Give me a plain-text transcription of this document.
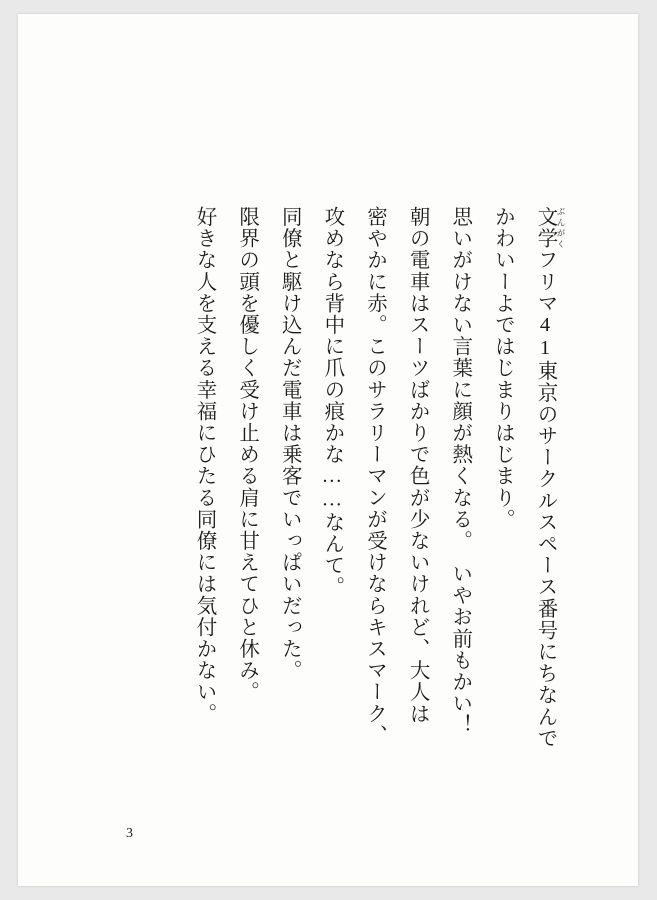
文学 ぶんがくフリマ41東京のサークルスペース番号にちなんで

かわいーよではじまりはじまり。

思いがけない言葉に顔が熱くなる。　いやお前もかい！

朝の電車はスーツばかりで色が少ないけれど、大人は

密やかに赤。このサラリーマンが受けならキスマーク、

攻めなら背中に爪の痕かな……なんて。

同僚と駆け込んだ電車は乗客でいっぱいだった。

限界の頭を優しく受け止める肩に甘えてひと休み。

好きな人を支える幸福にひたる同僚には気付かない。

3
